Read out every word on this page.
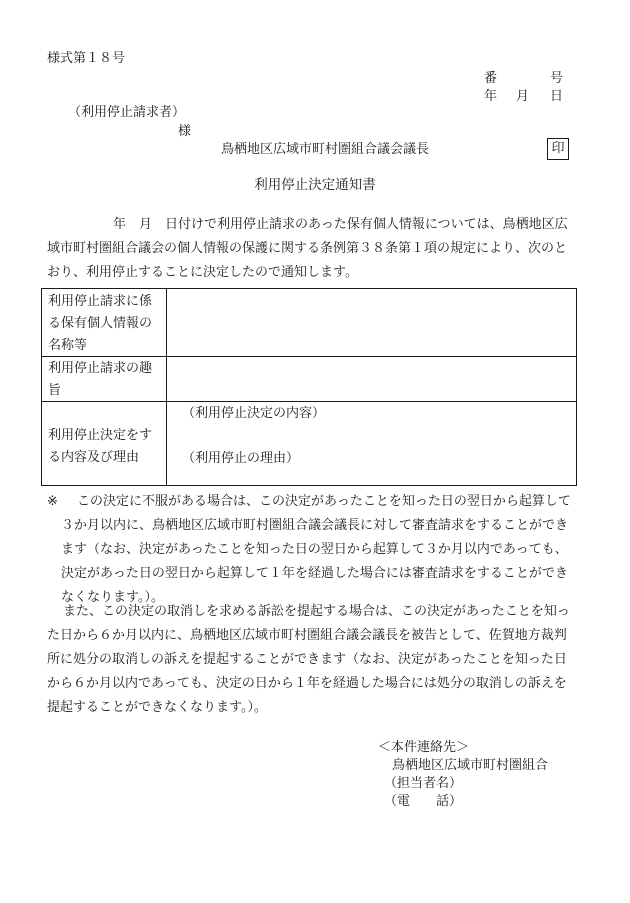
様式第１８号
番	号
年 月 日
（利用停止請求者）
様
鳥栖地区広域市町村圏組合議会議長	印
利用停止決定通知書
年　月　日付けで利用停止請求のあった保有個人情報については、鳥栖地区広域市町村圏組合議会の個人情報の保護に関する条例第３８条第１項の規定により、次のとおり、利用停止することに決定したので通知します。
利用停止請求に係る保有個人情報の名称等
利用停止請求の趣旨
利用停止決定をする内容及び理由
（利用停止決定の内容）
（利用停止の理由）
※	この決定に不服がある場合は、この決定があったことを知った日の翌日から起算して３か月以内に、鳥栖地区広域市町村圏組合議会議長に対して審査請求をすることができます（なお、決定があったことを知った日の翌日から起算して３か月以内であっても、決定があった日の翌日から起算して１年を経過した場合には審査請求をすることができなくなります。）。
また、この決定の取消しを求める訴訟を提起する場合は、この決定があったことを知った日から６か月以内に、鳥栖地区広域市町村圏組合議会議長を被告として、佐賀地方裁判所に処分の取消しの訴えを提起することができます（なお、決定があったことを知った日から６か月以内であっても、決定の日から１年を経過した場合には処分の取消しの訴えを提起することができなくなります。）。
＜本件連絡先＞
鳥栖地区広域市町村圏組合
（担当者名）
（電　　話）
